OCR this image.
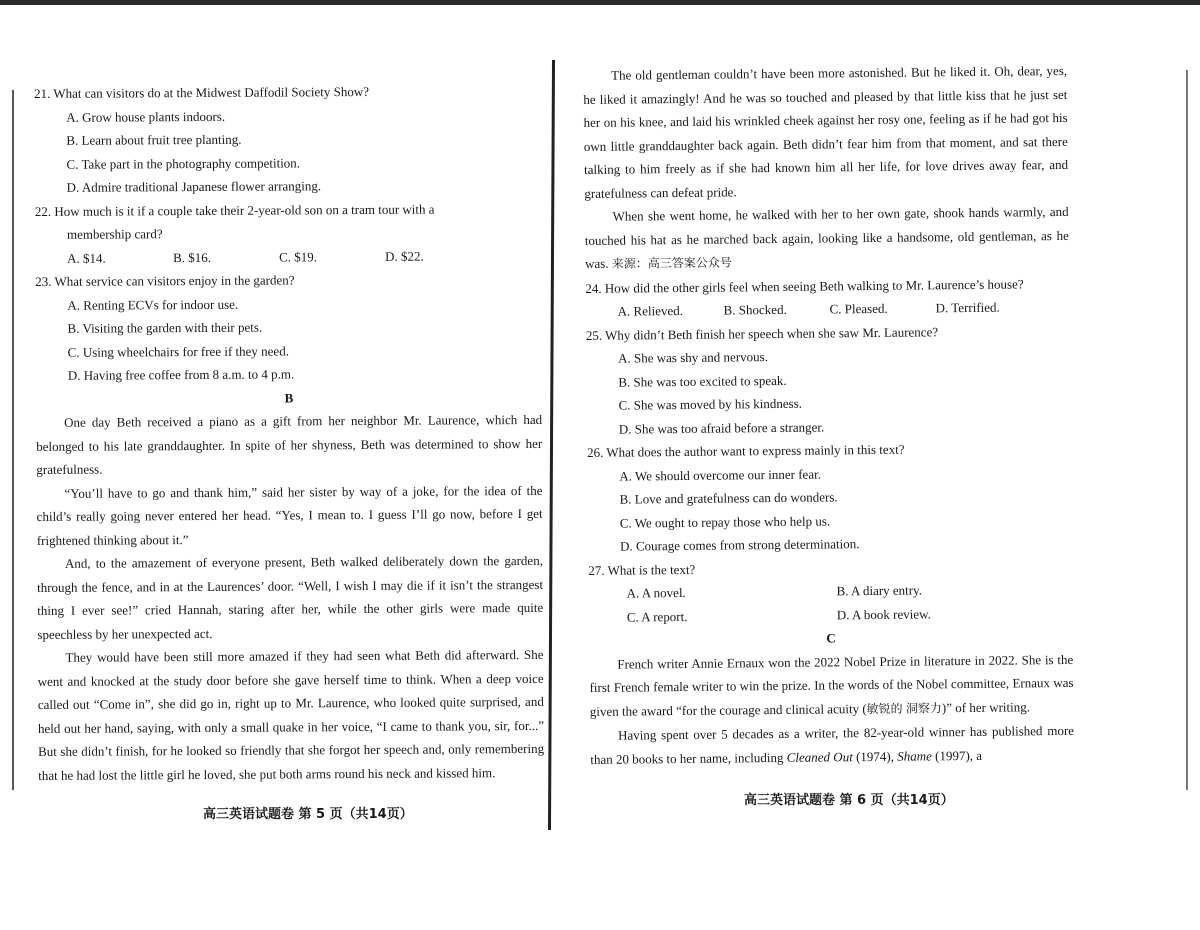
21. What can visitors do at the Midwest Daffodil Society Show?

A. Grow house plants indoors.

B. Learn about fruit tree planting.

C. Take part in the photography competition.

D. Admire traditional Japanese flower arranging.

22. How much is it if a couple take their 2-year-old son on a tram tour with a

membership card?

A. $14.	B. $16.	C. $19.	D. $22.

23. What service can visitors enjoy in the garden?

A. Renting ECVs for indoor use.

B. Visiting the garden with their pets.

C. Using wheelchairs for free if they need.

D. Having free coffee from 8 a.m. to 4 p.m.

B

One day Beth received a piano as a gift from her neighbor Mr. Laurence, which had belonged to his late granddaughter. In spite of her shyness, Beth was determined to show her gratefulness.

“You’ll have to go and thank him,” said her sister by way of a joke, for the idea of the child’s really going never entered her head. “Yes, I mean to. I guess I’ll go now, before I get frightened thinking about it.”

And, to the amazement of everyone present, Beth walked deliberately down the garden, through the fence, and in at the Laurences’ door. “Well, I wish I may die if it isn’t the strangest thing I ever see!” cried Hannah, staring after her, while the other girls were made quite speechless by her unexpected act.

They would have been still more amazed if they had seen what Beth did afterward. She went and knocked at the study door before she gave herself time to think. When a deep voice called out “Come in”, she did go in, right up to Mr. Laurence, who looked quite surprised, and held out her hand, saying, with only a small quake in her voice, “I came to thank you, sir, for...” But she didn’t finish, for he looked so friendly that she forgot her speech and, only remembering that he had lost the little girl he loved, she put both arms round his neck and kissed him.

高三英语试题卷 第 5 页（共14页）

The old gentleman couldn’t have been more astonished. But he liked it. Oh, dear, yes, he liked it amazingly! And he was so touched and pleased by that little kiss that he just set her on his knee, and laid his wrinkled cheek against her rosy one, feeling as if he had got his own little granddaughter back again. Beth didn’t fear him from that moment, and sat there talking to him freely as if she had known him all her life, for love drives away fear, and gratefulness can defeat pride.

When she went home, he walked with her to her own gate, shook hands warmly, and touched his hat as he marched back again, looking like a handsome, old gentleman, as he was. 来源：高三答案公众号

24. How did the other girls feel when seeing Beth walking to Mr. Laurence’s house?

A. Relieved.	B. Shocked.	C. Pleased.	D. Terrified.

25. Why didn’t Beth finish her speech when she saw Mr. Laurence?

A. She was shy and nervous.

B. She was too excited to speak.

C. She was moved by his kindness.

D. She was too afraid before a stranger.

26. What does the author want to express mainly in this text?

A. We should overcome our inner fear.

B. Love and gratefulness can do wonders.

C. We ought to repay those who help us.

D. Courage comes from strong determination.

27. What is the text?

A. A novel.	B. A diary entry.
C. A report.	D. A book review.

C

French writer Annie Ernaux won the 2022 Nobel Prize in literature in 2022. She is the first French female writer to win the prize. In the words of the Nobel committee, Ernaux was given the award “for the courage and clinical acuity (敏锐的 洞察力)” of her writing.

Having spent over 5 decades as a writer, the 82-year-old winner has published more than 20 books to her name, including Cleaned Out (1974), Shame (1997), a

高三英语试题卷 第 6 页（共14页）
